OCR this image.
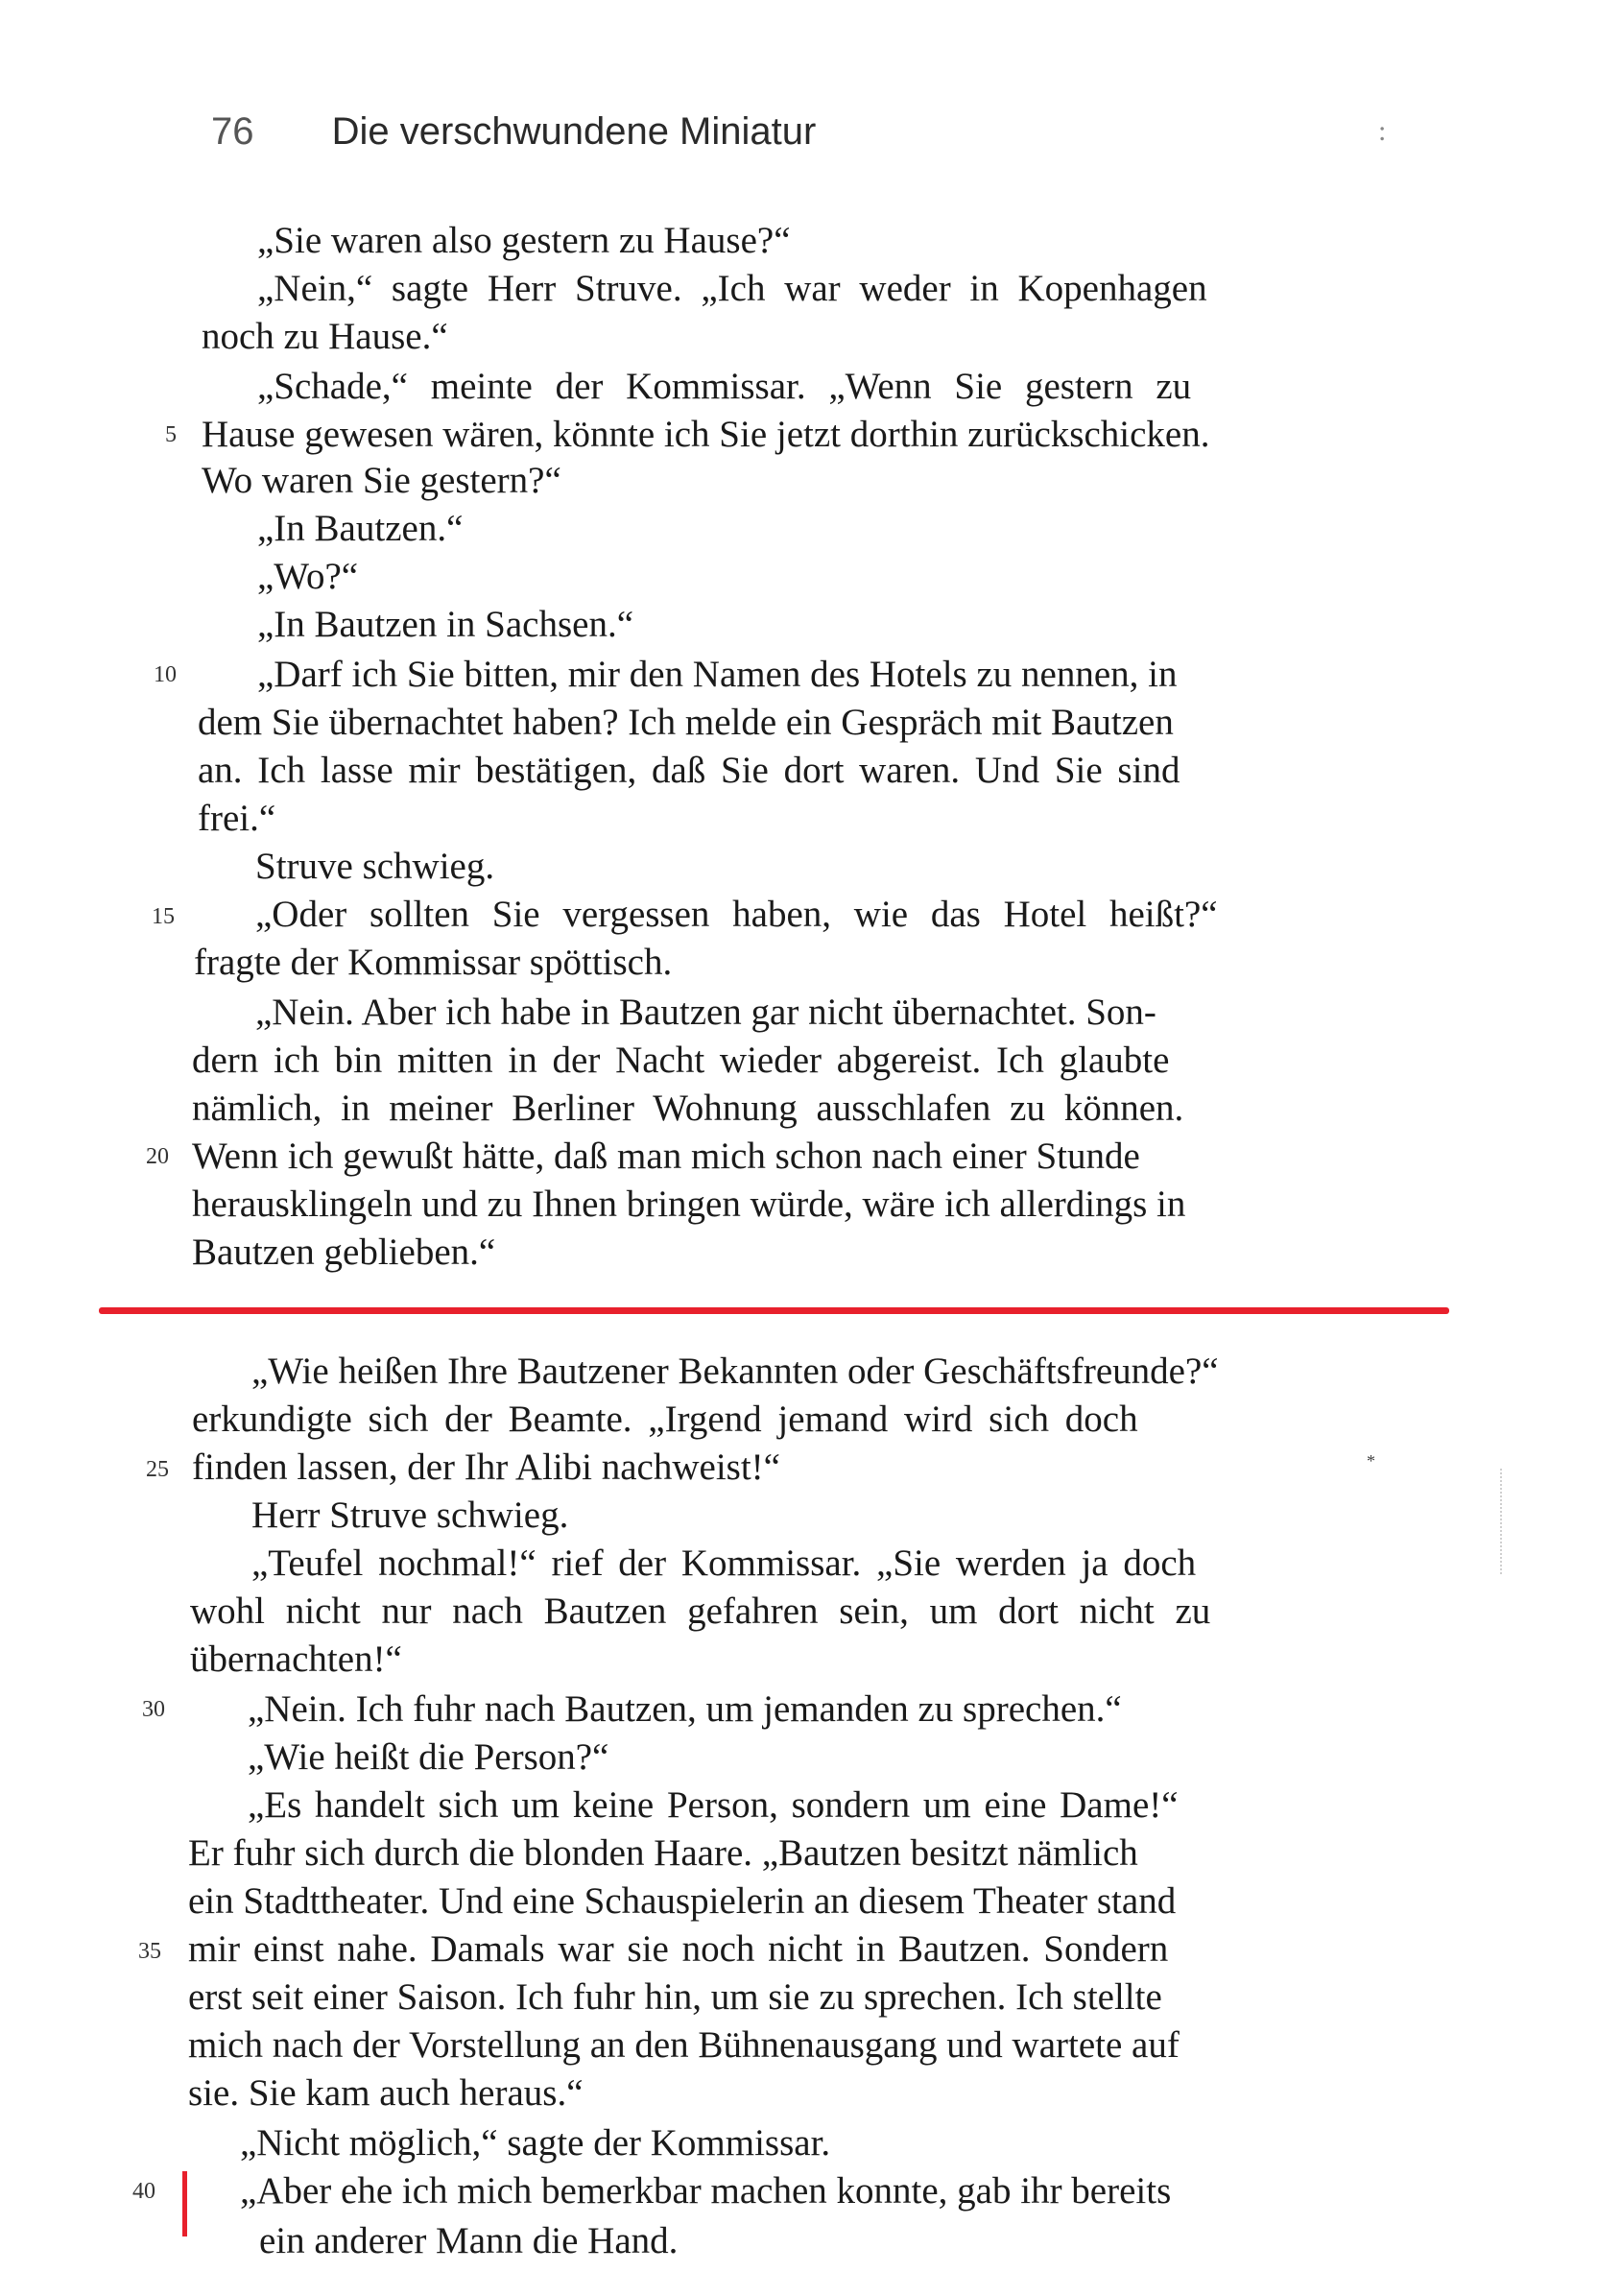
76 Die verschwundene Miniatur	:
„Sie waren also gestern zu Hause?“
„Nein,“ sagte Herr Struve. „Ich war weder in Kopenhagen
noch zu Hause.“
„Schade,“ meinte der Kommissar. „Wenn Sie gestern zu
Hause gewesen wären, könnte ich Sie jetzt dorthin zurückschicken.
Wo waren Sie gestern?“
„In Bautzen.“
„Wo?“
„In Bautzen in Sachsen.“
„Darf ich Sie bitten, mir den Namen des Hotels zu nennen, in
dem Sie übernachtet haben? Ich melde ein Gespräch mit Bautzen
an. Ich lasse mir bestätigen, daß Sie dort waren. Und Sie sind
frei.“
Struve schwieg.
„Oder sollten Sie vergessen haben, wie das Hotel heißt?“
fragte der Kommissar spöttisch.
„Nein. Aber ich habe in Bautzen gar nicht übernachtet. Son-
dern ich bin mitten in der Nacht wieder abgereist. Ich glaubte
nämlich, in meiner Berliner Wohnung ausschlafen zu können.
Wenn ich gewußt hätte, daß man mich schon nach einer Stunde
herausklingeln und zu Ihnen bringen würde, wäre ich allerdings in
Bautzen geblieben.“
„Wie heißen Ihre Bautzener Bekannten oder Geschäftsfreunde?“
erkundigte sich der Beamte. „Irgend jemand wird sich doch
finden lassen, der Ihr Alibi nachweist!“
Herr Struve schwieg.
„Teufel nochmal!“ rief der Kommissar. „Sie werden ja doch
wohl nicht nur nach Bautzen gefahren sein, um dort nicht zu
übernachten!“
„Nein. Ich fuhr nach Bautzen, um jemanden zu sprechen.“
„Wie heißt die Person?“
„Es handelt sich um keine Person, sondern um eine Dame!“
Er fuhr sich durch die blonden Haare. „Bautzen besitzt nämlich
ein Stadttheater. Und eine Schauspielerin an diesem Theater stand
mir einst nahe. Damals war sie noch nicht in Bautzen. Sondern
erst seit einer Saison. Ich fuhr hin, um sie zu sprechen. Ich stellte
mich nach der Vorstellung an den Bühnenausgang und wartete auf
sie. Sie kam auch heraus.“
„Nicht möglich,“ sagte der Kommissar.
„Aber ehe ich mich bemerkbar machen konnte, gab ihr bereits
ein anderer Mann die Hand.
5
10
15
20
25
30
35
40
*
